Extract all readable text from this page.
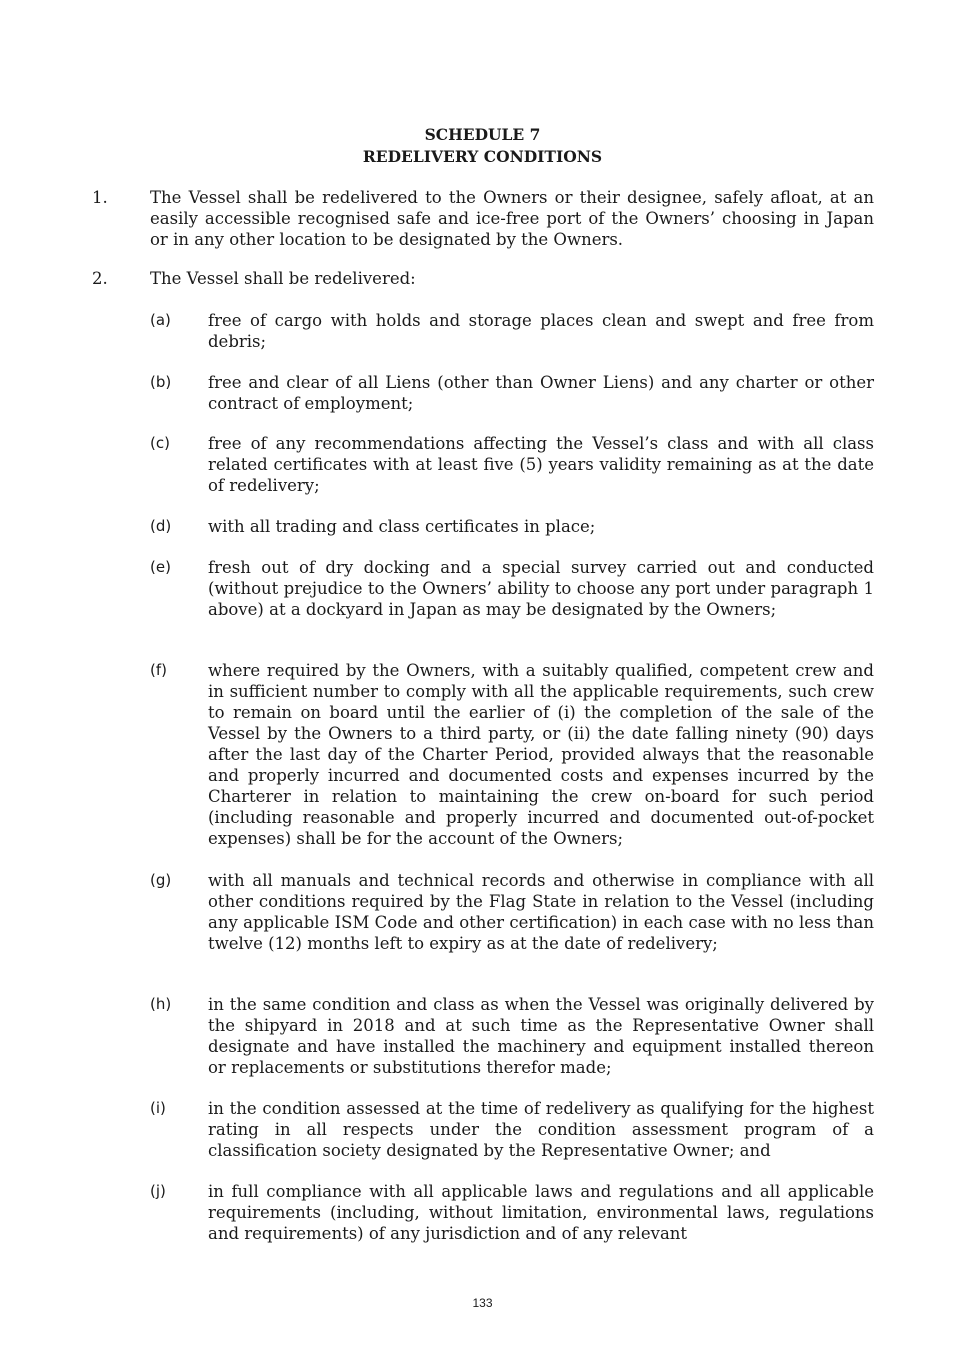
SCHEDULE 7
REDELIVERY CONDITIONS
1.	The Vessel shall be redelivered to the Owners or their designee, safely afloat, at an easily accessible recognised safe and ice-free port of the Owners’ choosing in Japan or in any other location to be designated by the Owners.
2.	The Vessel shall be redelivered:
(a)	free of cargo with holds and storage places clean and swept and free from debris;
(b)	free and clear of all Liens (other than Owner Liens) and any charter or other contract of employment;
(c)	free of any recommendations affecting the Vessel’s class and with all class related certificates with at least five (5) years validity remaining as at the date of redelivery;
(d)	with all trading and class certificates in place;
(e)	fresh out of dry docking and a special survey carried out and conducted (without prejudice to the Owners’ ability to choose any port under paragraph 1 above) at a dockyard in Japan as may be designated by the Owners;
(f)	where required by the Owners, with a suitably qualified, competent crew and in sufficient number to comply with all the applicable requirements, such crew to remain on board until the earlier of (i) the completion of the sale of the Vessel by the Owners to a third party, or (ii) the date falling ninety (90) days after the last day of the Charter Period, provided always that the reasonable and properly incurred and documented costs and expenses incurred by the Charterer in relation to maintaining the crew on-board for such period (including reasonable and properly incurred and documented out-of-pocket expenses) shall be for the account of the Owners;
(g)	with all manuals and technical records and otherwise in compliance with all other conditions required by the Flag State in relation to the Vessel (including any applicable ISM Code and other certification) in each case with no less than twelve (12) months left to expiry as at the date of redelivery;
(h)	in the same condition and class as when the Vessel was originally delivered by the shipyard in 2018 and at such time as the Representative Owner shall designate and have installed the machinery and equipment installed thereon or replacements or substitutions therefor made;
(i)	in the condition assessed at the time of redelivery as qualifying for the highest rating in all respects under the condition assessment program of a classification society designated by the Representative Owner; and
(j)	in full compliance with all applicable laws and regulations and all applicable requirements (including, without limitation, environmental laws, regulations and requirements) of any jurisdiction and of any relevant
133
